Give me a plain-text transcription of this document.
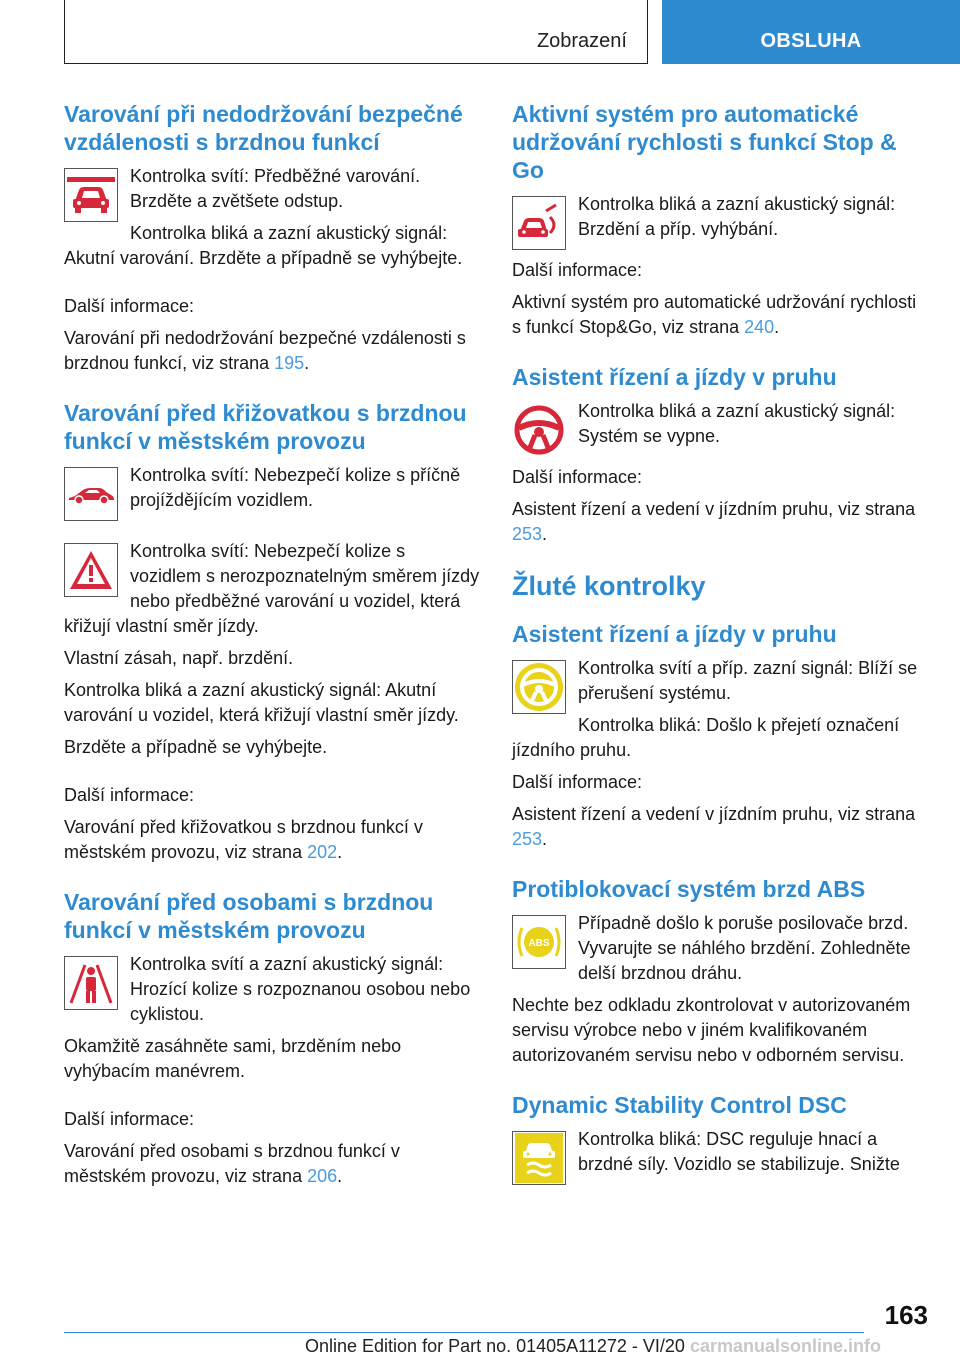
Zobrazení	OBSLUHA
Varování při nedodržování bezpečné vzdálenosti s brzdnou funkcí

Kontrolka svítí: Předběžné varování. Brzděte a zvětšete odstup.

Kontrolka bliká a zazní akustický signál: Akutní varování. Brzděte a případně se vyhýbejte.

Další informace:

Varování při nedodržování bezpečné vzdálenosti s brzdnou funkcí, viz strana 195.

Varování před křižovatkou s brzdnou funkcí v městském provozu

Kontrolka svítí: Nebezpečí kolize s příčně projíždějícím vozidlem.

Kontrolka svítí: Nebezpečí kolize s vozidlem s nerozpoznatelným směrem jízdy nebo předběžné varování u vozidel, která křižují vlastní směr jízdy.

Vlastní zásah, např. brzdění.

Kontrolka bliká a zazní akustický signál: Akutní varování u vozidel, která křižují vlastní směr jízdy.

Brzděte a případně se vyhýbejte.

Další informace:

Varování před křižovatkou s brzdnou funkcí v městském provozu, viz strana 202.

Varování před osobami s brzdnou funkcí v městském provozu

Kontrolka svítí a zazní akustický signál: Hrozící kolize s rozpoznanou osobou nebo cyklistou.

Okamžitě zasáhněte sami, brzděním nebo vyhýbacím manévrem.

Další informace:

Varování před osobami s brzdnou funkcí v městském provozu, viz strana 206.

Aktivní systém pro automatické udržování rychlosti s funkcí Stop & Go

Kontrolka bliká a zazní akustický signál: Brzdění a příp. vyhýbání.

Další informace:

Aktivní systém pro automatické udržování rychlosti s funkcí Stop&Go, viz strana 240.

Asistent řízení a jízdy v pruhu

Kontrolka bliká a zazní akustický signál: Systém se vypne.

Další informace:

Asistent řízení a vedení v jízdním pruhu, viz strana 253.

Žluté kontrolky
Asistent řízení a jízdy v pruhu

Kontrolka svítí a příp. zazní signál: Blíží se přerušení systému.

Kontrolka bliká: Došlo k přejetí označení jízdního pruhu.

Další informace:

Asistent řízení a vedení v jízdním pruhu, viz strana 253.

Protiblokovací systém brzd ABS
ABS

Případně došlo k poruše posilovače brzd. Vyvarujte se náhlého brzdění. Zohledněte delší brzdnou dráhu.

Nechte bez odkladu zkontrolovat v autorizovaném servisu výrobce nebo v jiném kvalifikovaném autorizovaném servisu nebo v odborném servisu.

Dynamic Stability Control DSC

Kontrolka bliká: DSC reguluje hnací a brzdné síly. Vozidlo se stabilizuje. Snižte

163
Online Edition for Part no. 01405A11272 - VI/20 carmanualsonline.info
